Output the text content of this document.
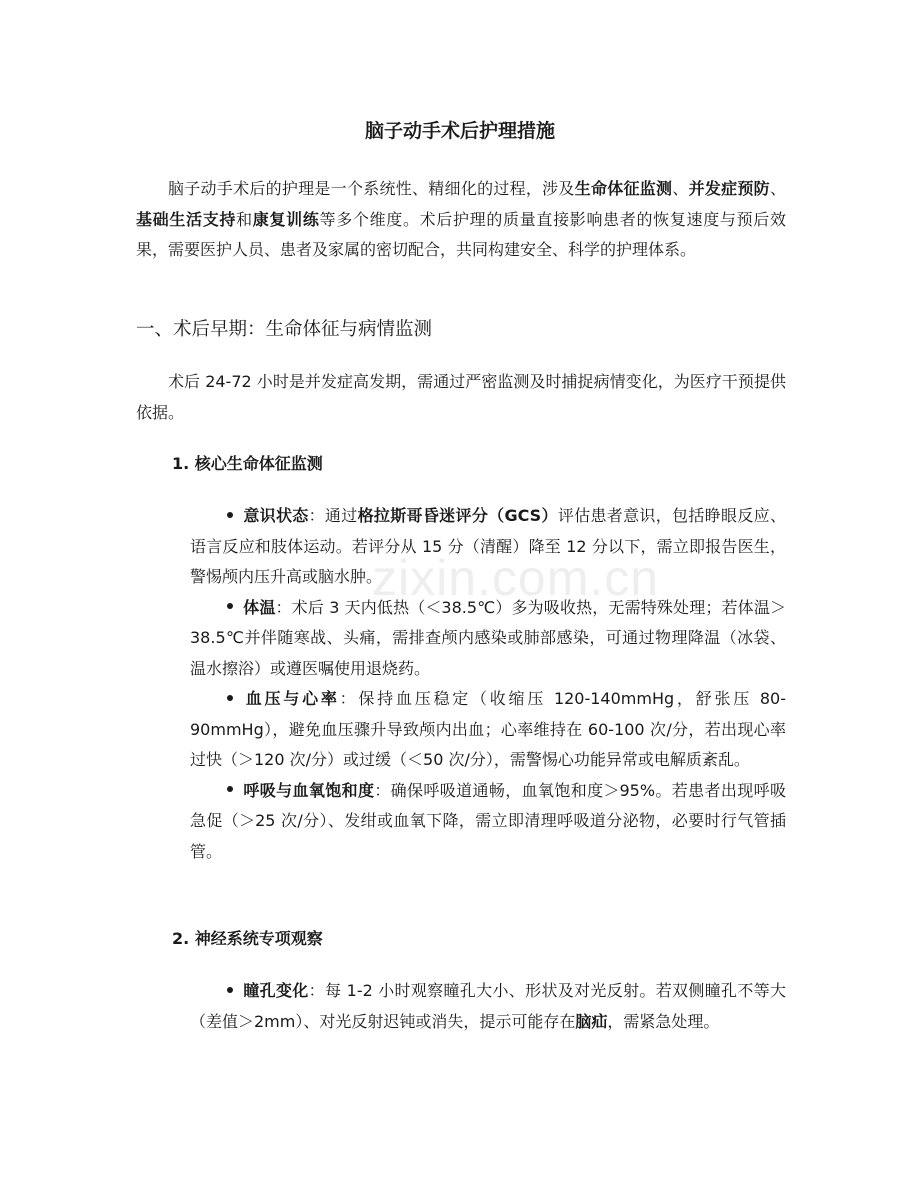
脑子动手术后护理措施

脑子动手术后的护理是一个系统性、精细化的过程，涉及生命体征监测、并发症预防、基础生活支持和康复训练等多个维度。术后护理的质量直接影响患者的恢复速度与预后效果，需要医护人员、患者及家属的密切配合，共同构建安全、科学的护理体系。

一、术后早期：生命体征与病情监测

术后 24-72 小时是并发症高发期，需通过严密监测及时捕捉病情变化，为医疗干预提供依据。

1. 核心生命体征监测
意识状态：通过格拉斯哥昏迷评分（GCS）评估患者意识，包括睁眼反应、语言反应和肢体运动。若评分从 15 分（清醒）降至 12 分以下，需立即报告医生，警惕颅内压升高或脑水肿。
体温：术后 3 天内低热（＜38.5℃）多为吸收热，无需特殊处理；若体温＞38.5℃并伴随寒战、头痛，需排查颅内感染或肺部感染，可通过物理降温（冰袋、温水擦浴）或遵医嘱使用退烧药。
血压与心率：保持血压稳定（收缩压 120-140mmHg，舒张压 80-90mmHg），避免血压骤升导致颅内出血；心率维持在 60-100 次/分，若出现心率过快（＞120 次/分）或过缓（＜50 次/分），需警惕心功能异常或电解质紊乱。
呼吸与血氧饱和度：确保呼吸道通畅，血氧饱和度＞95%。若患者出现呼吸急促（＞25 次/分）、发绀或血氧下降，需立即清理呼吸道分泌物，必要时行气管插管。
2. 神经系统专项观察
瞳孔变化：每 1-2 小时观察瞳孔大小、形状及对光反射。若双侧瞳孔不等大（差值＞2mm）、对光反射迟钝或消失，提示可能存在脑疝，需紧急处理。
zixin.com.cn
